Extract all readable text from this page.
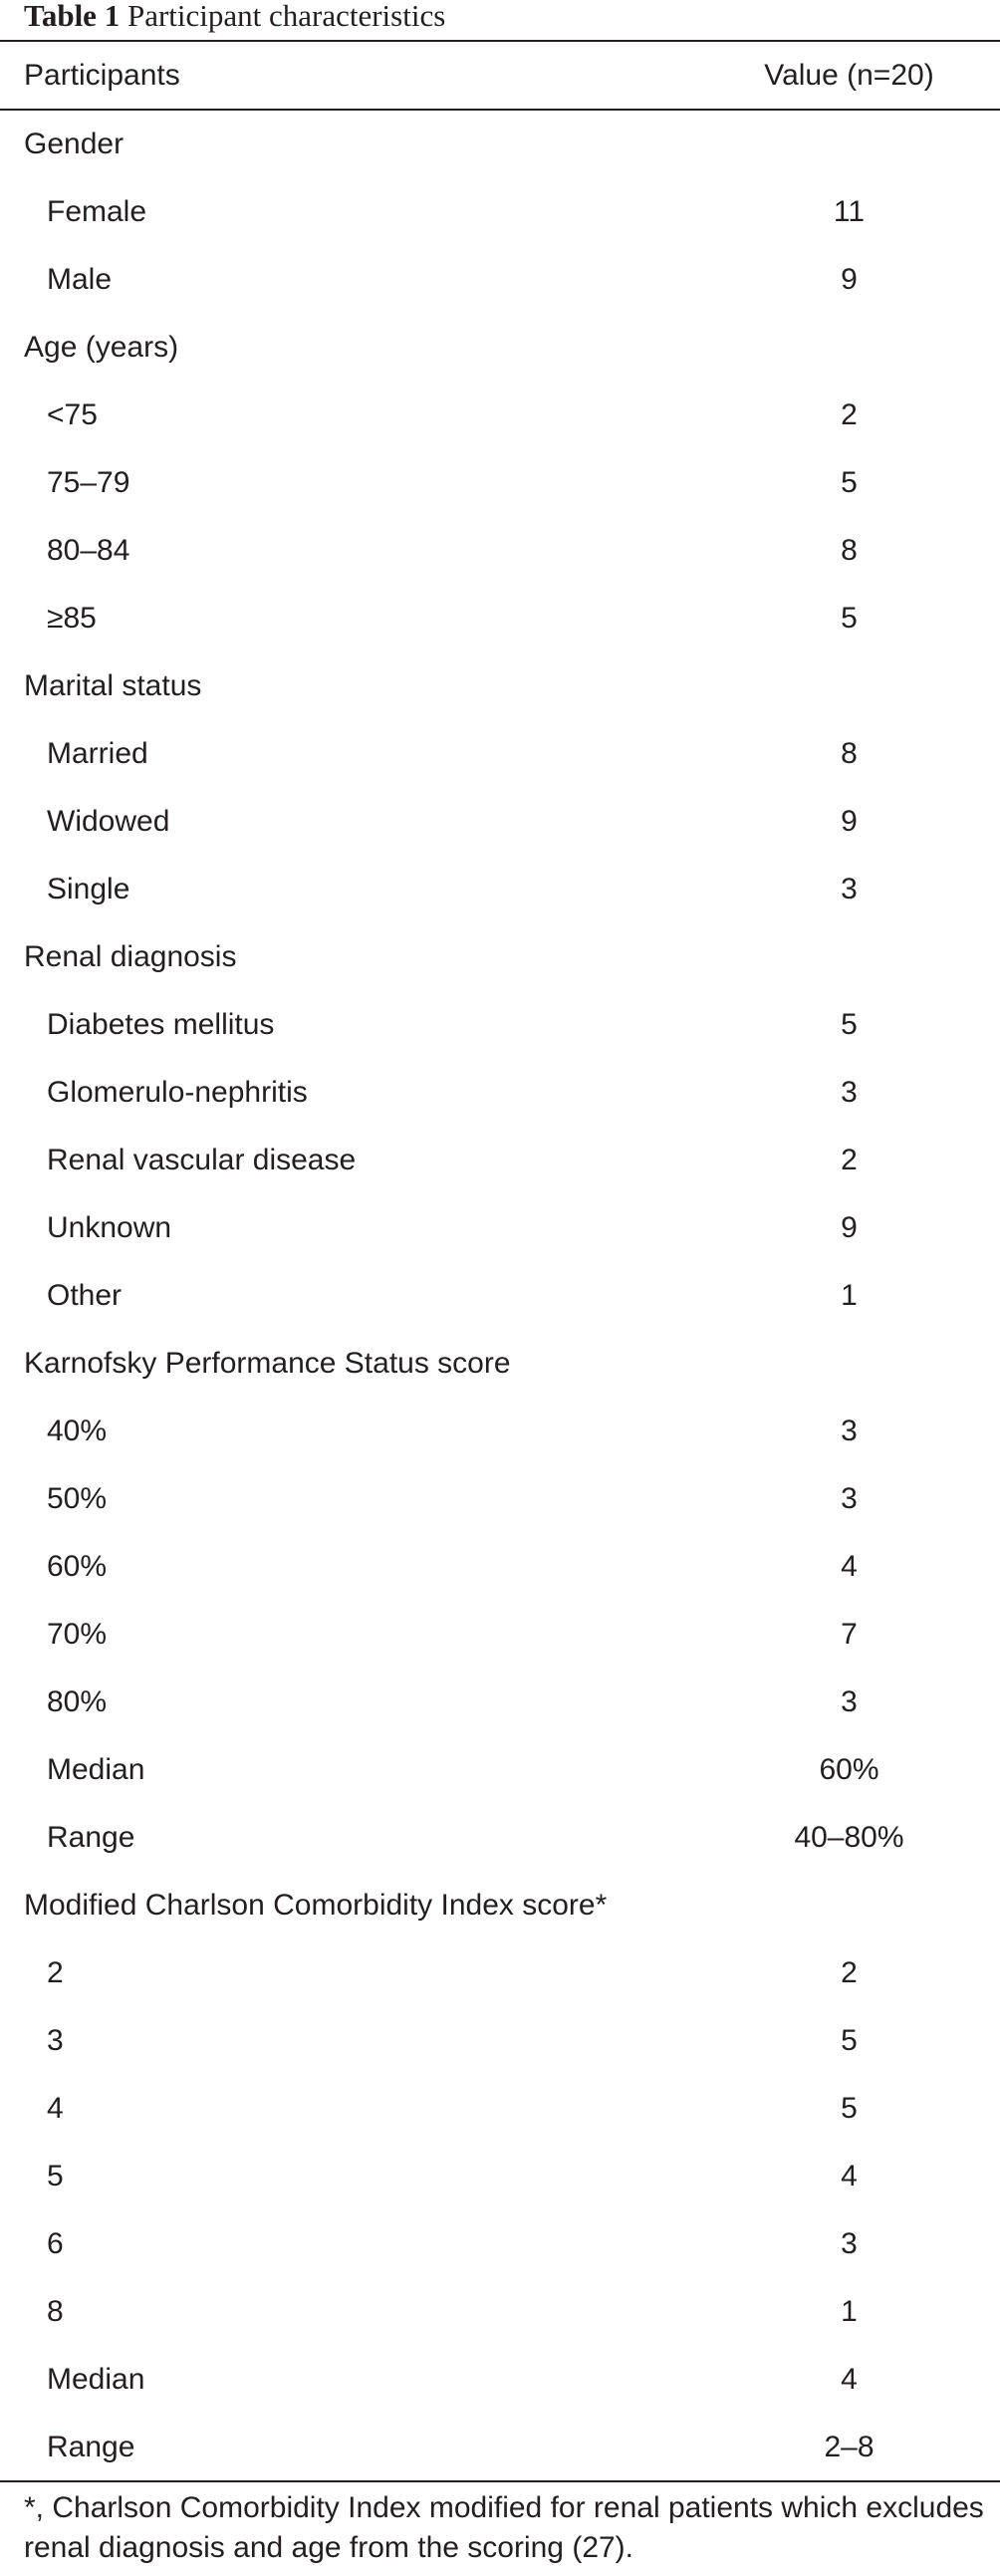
Table 1 Participant characteristics
Participants	Value (n=20)
Gender
Female	11
Male	9
Age (years)
<75	2
75–79	5
80–84	8
≥85	5
Marital status
Married	8
Widowed	9
Single	3
Renal diagnosis
Diabetes mellitus	5
Glomerulo-nephritis	3
Renal vascular disease	2
Unknown	9
Other	1
Karnofsky Performance Status score
40%	3
50%	3
60%	4
70%	7
80%	3
Median	60%
Range	40–80%
Modified Charlson Comorbidity Index score*
2	2
3	5
4	5
5	4
6	3
8	1
Median	4
Range	2–8
*, Charlson Comorbidity Index modified for renal patients which excludes renal diagnosis and age from the scoring (27).
